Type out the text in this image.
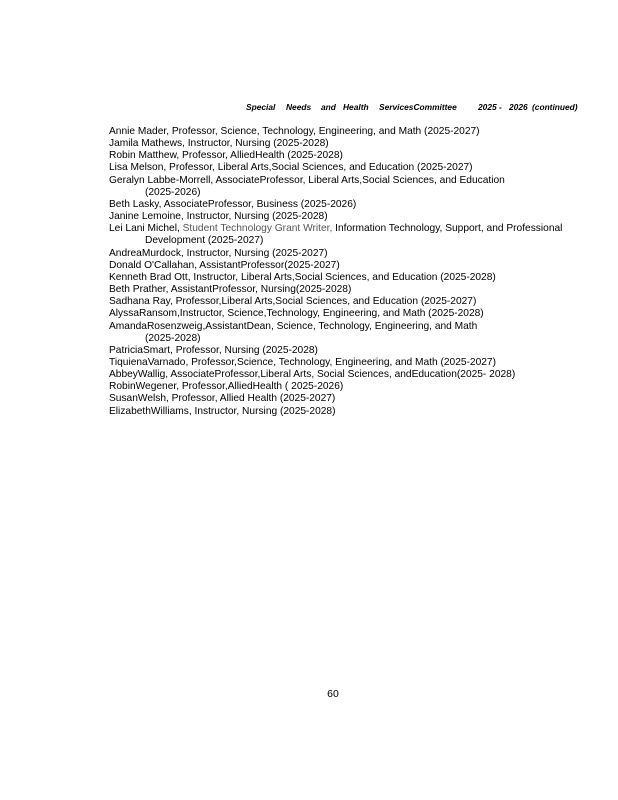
Special Needs and Health ServicesCommittee	2025 - 2026 (continued)
Annie Mader, Professor, Science, Technology, Engineering, and Math (2025-2027)
Jamila Mathews, Instructor, Nursing (2025-2028)
Robin Matthew, Professor, AlliedHealth (2025-2028)
Lisa Melson, Professor, Liberal Arts,Social Sciences, and Education (2025-2027)
Geralyn Labbe-Morrell, AssociateProfessor, Liberal Arts,Social Sciences, and Education
(2025-2026)
Beth Lasky, AssociateProfessor, Business (2025-2026)
Janine Lemoine, Instructor, Nursing (2025-2028)
Lei Lani Michel, Student Technology Grant Writer, Information Technology, Support, and Professional
Development (2025-2027)
AndreaMurdock, Instructor, Nursing (2025-2027)
Donald O'Callahan, AssistantProfessor(2025-2027)
Kenneth Brad Ott, Instructor, Liberal Arts,Social Sciences, and Education (2025-2028)
Beth Prather, AssistantProfessor, Nursing(2025-2028)
Sadhana Ray, Professor,Liberal Arts,Social Sciences, and Education (2025-2027)
AlyssaRansom,Instructor, Science,Technology, Engineering, and Math (2025-2028)
AmandaRosenzweig,AssistantDean, Science, Technology, Engineering, and Math
(2025-2028)
PatriciaSmart, Professor, Nursing (2025-2028)
TiquienaVarnado, Professor,Science, Technology, Engineering, and Math (2025-2027)
AbbeyWallig, AssociateProfessor,Liberal Arts, Social Sciences, andEducation(2025- 2028)
RobinWegener, Professor,AlliedHealth ( 2025-2026)
SusanWelsh, Professor, Allied Health (2025-2027)
ElizabethWilliams, Instructor, Nursing (2025-2028)
60
